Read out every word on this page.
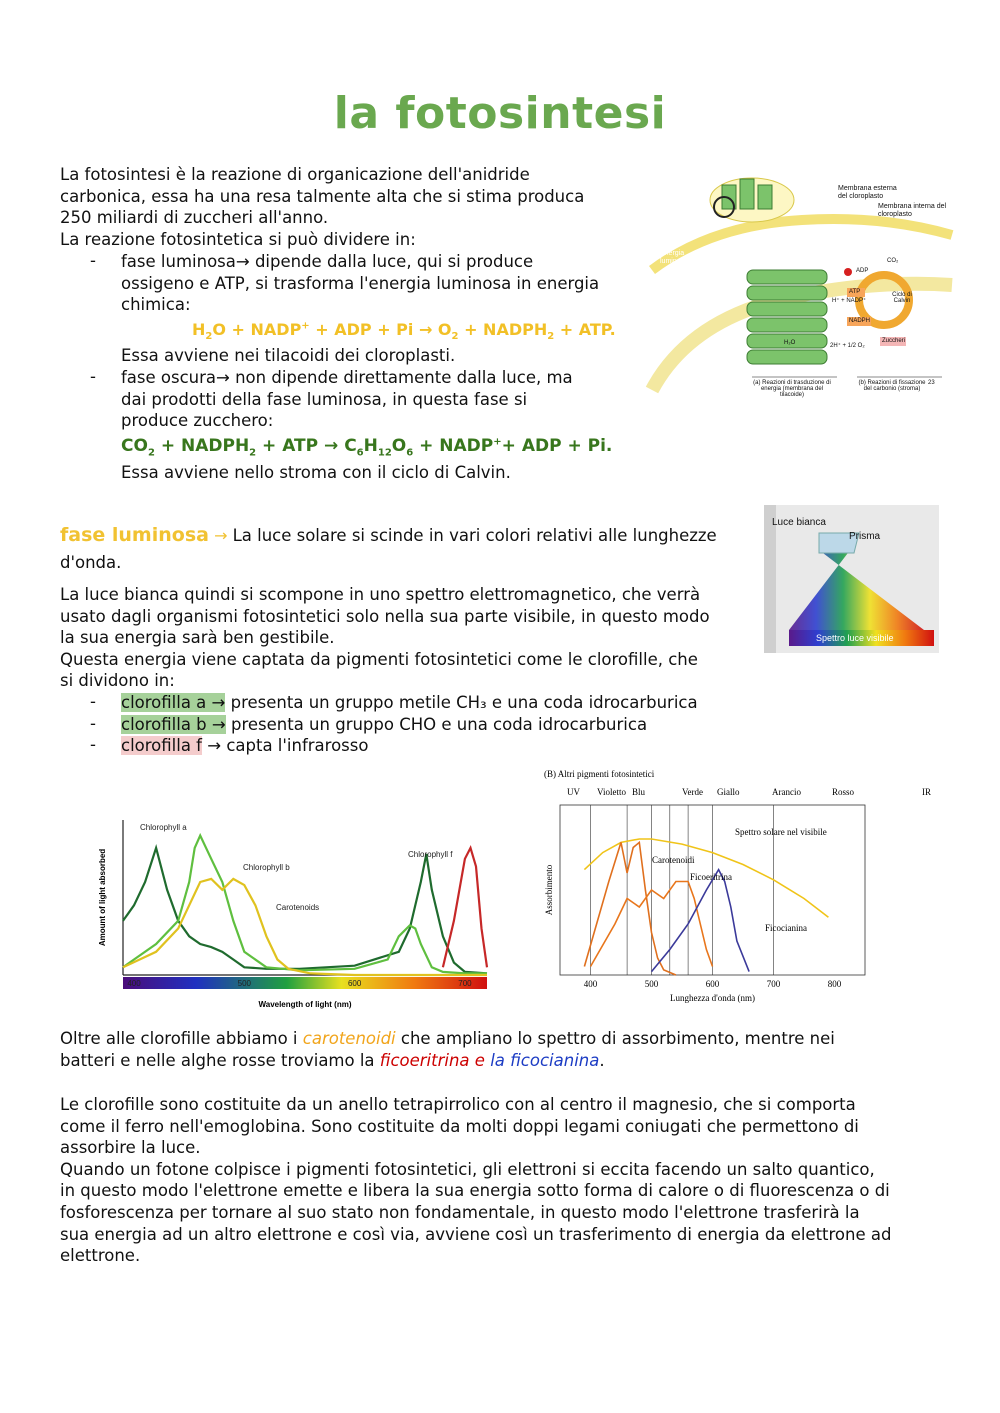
la fotosintesi
La fotosintesi è la reazione di organicazione dell'anidride
carbonica, essa ha una resa talmente alta che si stima produca
250 miliardi di zuccheri all'anno.
La reazione fotosintetica si può dividere in:
- fase luminosa→ dipende dalla luce, qui si produce
ossigeno e ATP, si trasforma l'energia luminosa in energia
chimica:
$H_2O$ + NADP+ + ADP + $Pi \to O_2$ + $NADPH_2$ + ATP.
Essa avviene nei tilacoidi dei cloroplasti.
- fase oscura→ non dipende direttamente dalla luce, ma
dai prodotti della fase luminosa, in questa fase si
produce zucchero:
$CO_2$ + $NADPH_2$ + ATP → $C_6H_{12}O_6$ + NADP++ ADP + Pi.
Essa avviene nello stroma con il ciclo di Calvin.
Membrana esterna del cloroplasto
Membrana interna del cloroplasto
Energia luminosa	CO₂
ADP
ATP
H⁺ + NADP⁺
NADPH
Ciclo di Calvin
Zuccheri
H₂O	2H⁺ + 1/2 O₂
(a) Reazioni di trasduzione di energia (membrana del tilacoide)
(b) Reazioni di fissazione del carbonio (stroma)
23
fase luminosa → La luce solare si scinde in vari colori relativi alle lunghezze
d'onda.
La luce bianca quindi si scompone in uno spettro elettromagnetico, che verrà
usato dagli organismi fotosintetici solo nella sua parte visibile, in questo modo
la sua energia sarà ben gestibile.
Questa energia viene captata da pigmenti fotosintetici come le clorofille, che
si dividono in:
- clorofilla a → presenta un gruppo metile CH₃ e una coda idrocarburica
- clorofilla b → presenta un gruppo CHO e una coda idrocarburica
- clorofilla f → capta l'infrarosso
Luce bianca
Prisma
Spettro luce visibile
400	500	600	700
Wavelength of light (nm)
Amount of light absorbed
Chlorophyll a
Chlorophyll b
Carotenoids
Chlorophyll f
(B) Altri pigmenti fotosintetici
UV Violetto Blu	Verde Giallo	Arancio	Rosso	IR
400	500	600	700	800
Lunghezza d'onda (nm)
Assorbimento
Spettro solare nel visibile
Carotenoidi
Ficoeritrina
Ficocianina
Oltre alle clorofille abbiamo i carotenoidi che ampliano lo spettro di assorbimento, mentre nei
batteri e nelle alghe rosse troviamo la ficoeritrina e la ficocianina.
Le clorofille sono costituite da un anello tetrapirrolico con al centro il magnesio, che si comporta
come il ferro nell'emoglobina. Sono costituite da molti doppi legami coniugati che permettono di
assorbire la luce.
Quando un fotone colpisce i pigmenti fotosintetici, gli elettroni si eccita facendo un salto quantico,
in questo modo l'elettrone emette e libera la sua energia sotto forma di calore o di fluorescenza o di
fosforescenza per tornare al suo stato non fondamentale, in questo modo l'elettrone trasferirà la
sua energia ad un altro elettrone e così via, avviene così un trasferimento di energia da elettrone ad
elettrone.
